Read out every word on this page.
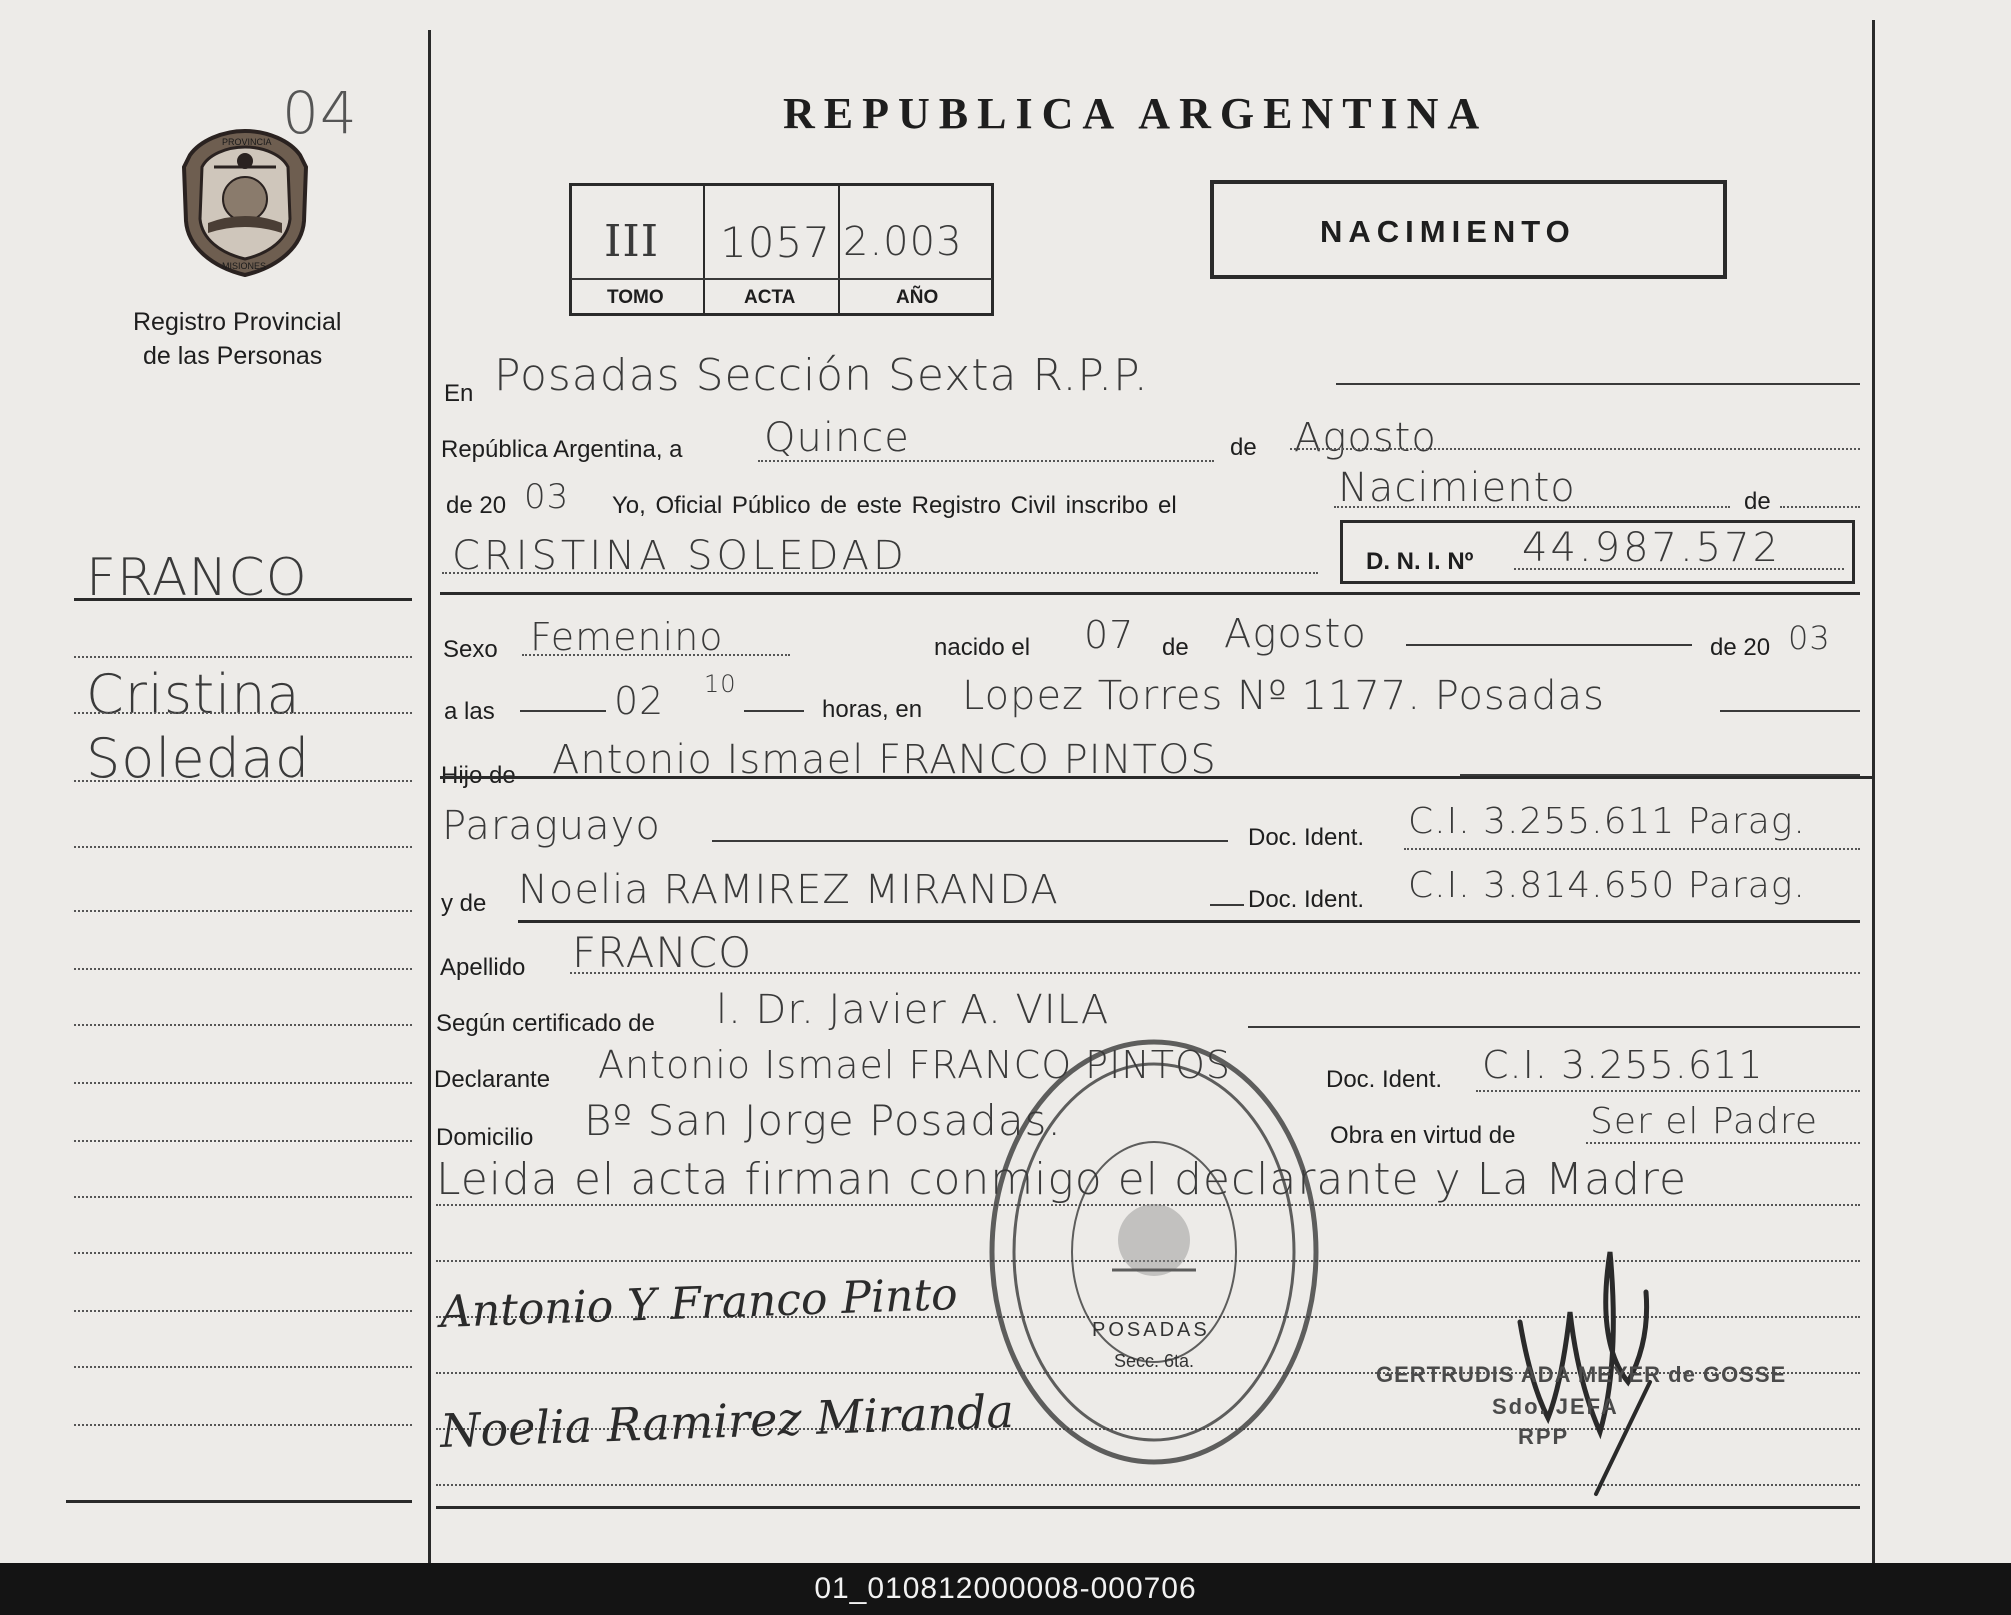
04
PROVINCIA
MISIONES
Registro Provincial
de las Personas
FRANCO
Cristina
Soledad
REPUBLICA ARGENTINA
III 1057 2.003
TOMO	ACTA	AÑO
NACIMIENTO
En Posadas Sección Sexta R.P.P.
República Argentina, a Quince	de Agosto
de 20 03 Yo, Oficial Público de este Registro Civil inscribo el	Nacimiento	de
CRISTINA SOLEDAD	D. N. I. Nº 44.987.572
Sexo Femenino	nacido el 07 de Agosto	de 20 03
a las	02 10
horas, en Lopez Torres Nº 1177. Posadas
Hijo de Antonio Ismael FRANCO PINTOS
Paraguayo	Doc. Ident. C.I. 3.255.611 Parag.
y de Noelia RAMIREZ MIRANDA	Doc. Ident. C.I. 3.814.650 Parag.
Apellido FRANCO
Según certificado de l. Dr. Javier A. VILA
Declarante Antonio Ismael FRANCO PINTOS	Doc. Ident. C.I. 3.255.611
Domicilio Bº San Jorge Posadas.	Obra en virtud de Ser el Padre
Leida el acta firman conmigo el declarante y La Madre
Antonio Y Franco Pinto
Noelia Ramirez Miranda
POSADAS
Secc. 6ta.
GERTRUDIS ADA MEYER de GOSSE
Sdo. JEFA
RPP
01_010812000008-000706
